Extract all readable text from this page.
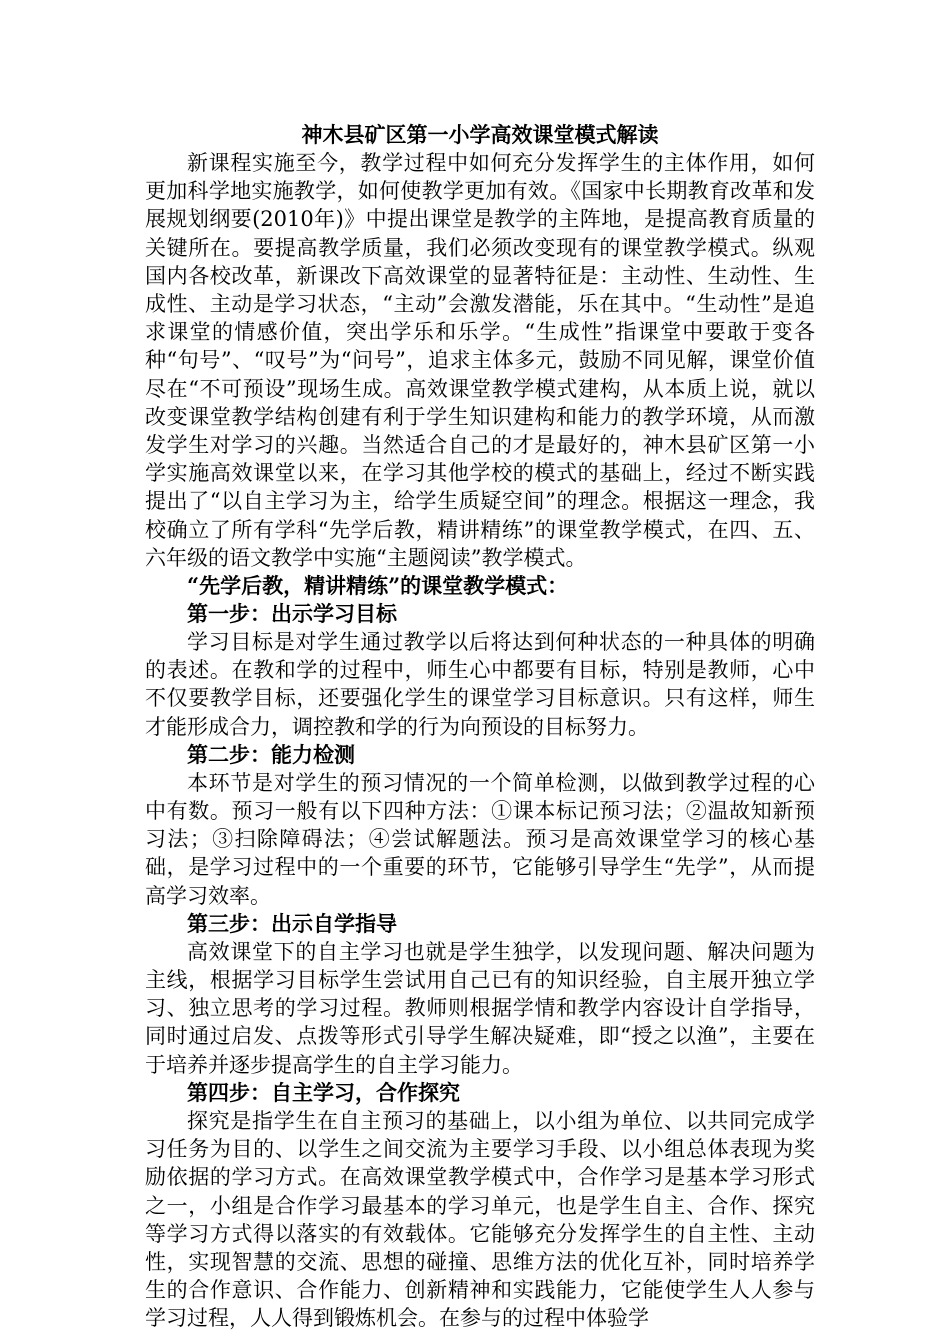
神木县矿区第一小学高效课堂模式解读

新课程实施至今，教学过程中如何充分发挥学生的主体作用，如何更加科学地实施教学，如何使教学更加有效。《国家中长期教育改革和发展规划纲要(2010年)》中提出课堂是教学的主阵地，是提高教育质量的关键所在。要提高教学质量，我们必须改变现有的课堂教学模式。纵观国内各校改革，新课改下高效课堂的显著特征是：主动性、生动性、生成性、主动是学习状态，“主动”会激发潜能，乐在其中。“生动性”是追求课堂的情感价值，突出学乐和乐学。“生成性”指课堂中要敢于变各种“句号”、“叹号”为“问号”，追求主体多元，鼓励不同见解，课堂价值尽在“不可预设”现场生成。高效课堂教学模式建构，从本质上说，就以改变课堂教学结构创建有利于学生知识建构和能力的教学环境，从而激发学生对学习的兴趣。当然适合自己的才是最好的，神木县矿区第一小学实施高效课堂以来，在学习其他学校的模式的基础上，经过不断实践提出了“以自主学习为主，给学生质疑空间”的理念。根据这一理念，我校确立了所有学科“先学后教，精讲精练”的课堂教学模式，在四、五、六年级的语文教学中实施“主题阅读”教学模式。

“先学后教，精讲精练”的课堂教学模式：

第一步：出示学习目标

学习目标是对学生通过教学以后将达到何种状态的一种具体的明确的表述。在教和学的过程中，师生心中都要有目标，特别是教师，心中不仅要教学目标，还要强化学生的课堂学习目标意识。只有这样，师生才能形成合力，调控教和学的行为向预设的目标努力。

第二步：能力检测

本环节是对学生的预习情况的一个简单检测，以做到教学过程的心中有数。预习一般有以下四种方法：①课本标记预习法；②温故知新预习法；③扫除障碍法；④尝试解题法。预习是高效课堂学习的核心基础，是学习过程中的一个重要的环节，它能够引导学生“先学”，从而提高学习效率。

第三步：出示自学指导

高效课堂下的自主学习也就是学生独学，以发现问题、解决问题为主线，根据学习目标学生尝试用自己已有的知识经验，自主展开独立学习、独立思考的学习过程。教师则根据学情和教学内容设计自学指导，同时通过启发、点拨等形式引导学生解决疑难，即“授之以渔”，主要在于培养并逐步提高学生的自主学习能力。

第四步：自主学习，合作探究

探究是指学生在自主预习的基础上，以小组为单位、以共同完成学习任务为目的、以学生之间交流为主要学习手段、以小组总体表现为奖励依据的学习方式。在高效课堂教学模式中，合作学习是基本学习形式之一，小组是合作学习最基本的学习单元，也是学生自主、合作、探究等学习方式得以落实的有效载体。它能够充分发挥学生的自主性、主动性，实现智慧的交流、思想的碰撞、思维方法的优化互补，同时培养学生的合作意识、合作能力、创新精神和实践能力，它能使学生人人参与学习过程，人人得到锻炼机会。在参与的过程中体验学
